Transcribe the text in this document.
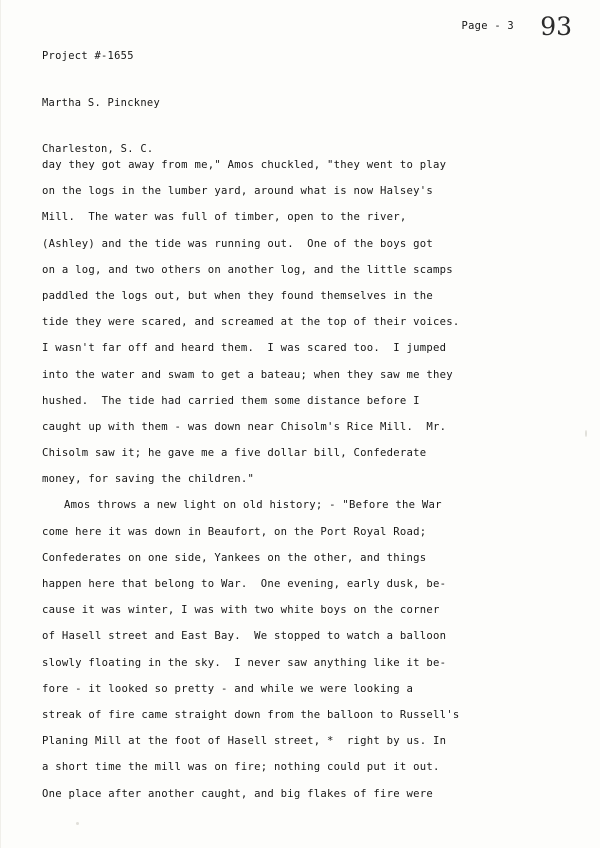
Project #-1655

Martha S. Pinckney

Charleston, S. C.

Page - 3 93
day they got away from me," Amos chuckled, "they went to play
on the logs in the lumber yard, around what is now Halsey's
Mill.  The water was full of timber, open to the river,
(Ashley) and the tide was running out.  One of the boys got
on a log, and two others on another log, and the little scamps
paddled the logs out, but when they found themselves in the
tide they were scared, and screamed at the top of their voices.
I wasn't far off and heard them.  I was scared too.  I jumped
into the water and swam to get a bateau; when they saw me they
hushed.  The tide had carried them some distance before I
caught up with them - was down near Chisolm's Rice Mill.  Mr.
Chisolm saw it; he gave me a five dollar bill, Confederate
money, for saving the children."
Amos throws a new light on old history; - "Before the War
come here it was down in Beaufort, on the Port Royal Road;
Confederates on one side, Yankees on the other, and things
happen here that belong to War.  One evening, early dusk, be-
cause it was winter, I was with two white boys on the corner
of Hasell street and East Bay.  We stopped to watch a balloon
slowly floating in the sky.  I never saw anything like it be-
fore - it looked so pretty - and while we were looking a
streak of fire came straight down from the balloon to Russell's
Planing Mill at the foot of Hasell street, *  right by us. In
a short time the mill was on fire; nothing could put it out.
One place after another caught, and big flakes of fire were
